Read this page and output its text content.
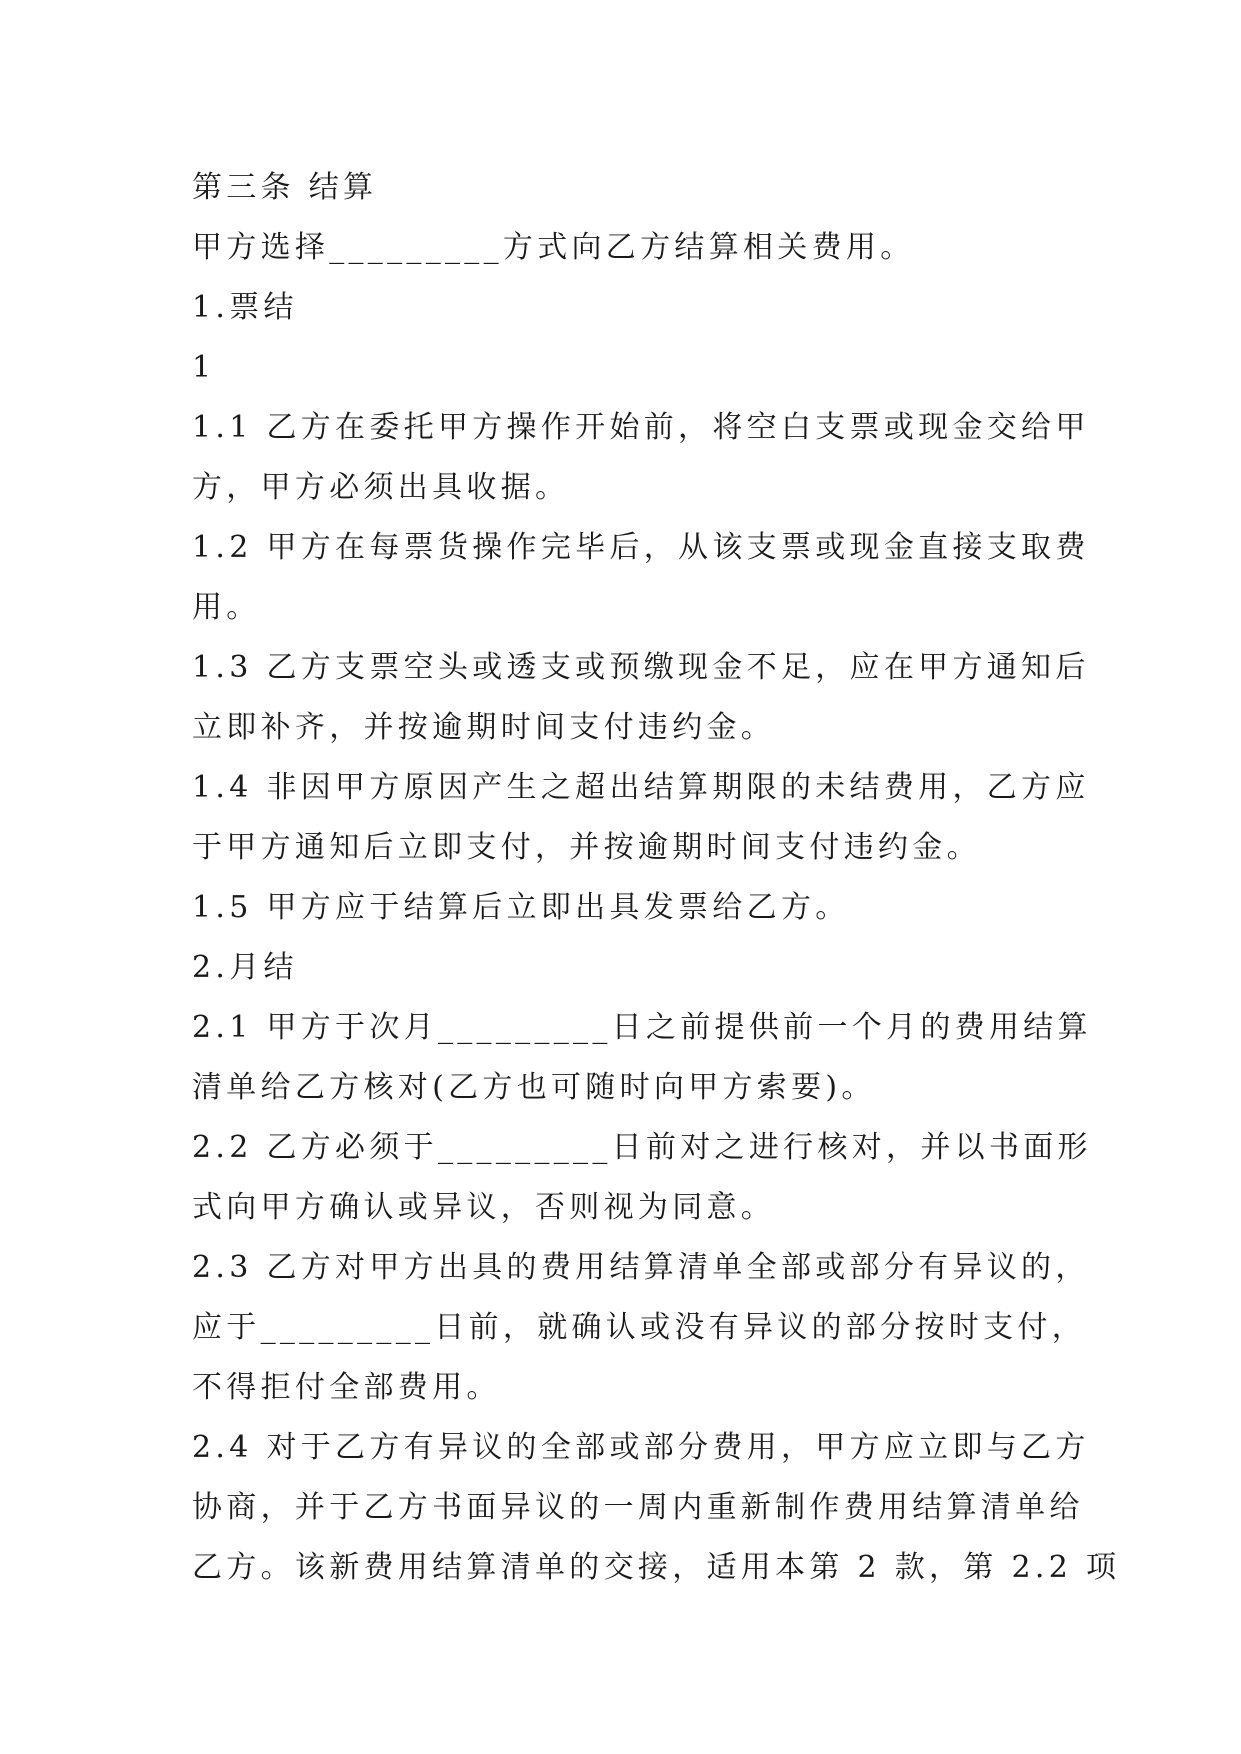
第三条 结算
甲方选择_________方式向乙方结算相关费用。
1.票结
1
1.1 乙方在委托甲方操作开始前，将空白支票或现金交给甲
方，甲方必须出具收据。
1.2 甲方在每票货操作完毕后，从该支票或现金直接支取费
用。
1.3 乙方支票空头或透支或预缴现金不足，应在甲方通知后
立即补齐，并按逾期时间支付违约金。
1.4 非因甲方原因产生之超出结算期限的未结费用，乙方应
于甲方通知后立即支付，并按逾期时间支付违约金。
1.5 甲方应于结算后立即出具发票给乙方。
2.月结
2.1 甲方于次月_________日之前提供前一个月的费用结算
清单给乙方核对(乙方也可随时向甲方索要)。
2.2 乙方必须于_________日前对之进行核对，并以书面形
式向甲方确认或异议，否则视为同意。
2.3 乙方对甲方出具的费用结算清单全部或部分有异议的，
应于_________日前，就确认或没有异议的部分按时支付，
不得拒付全部费用。
2.4 对于乙方有异议的全部或部分费用，甲方应立即与乙方
协商，并于乙方书面异议的一周内重新制作费用结算清单给
乙方。该新费用结算清单的交接，适用本第 2 款，第 2.2 项
